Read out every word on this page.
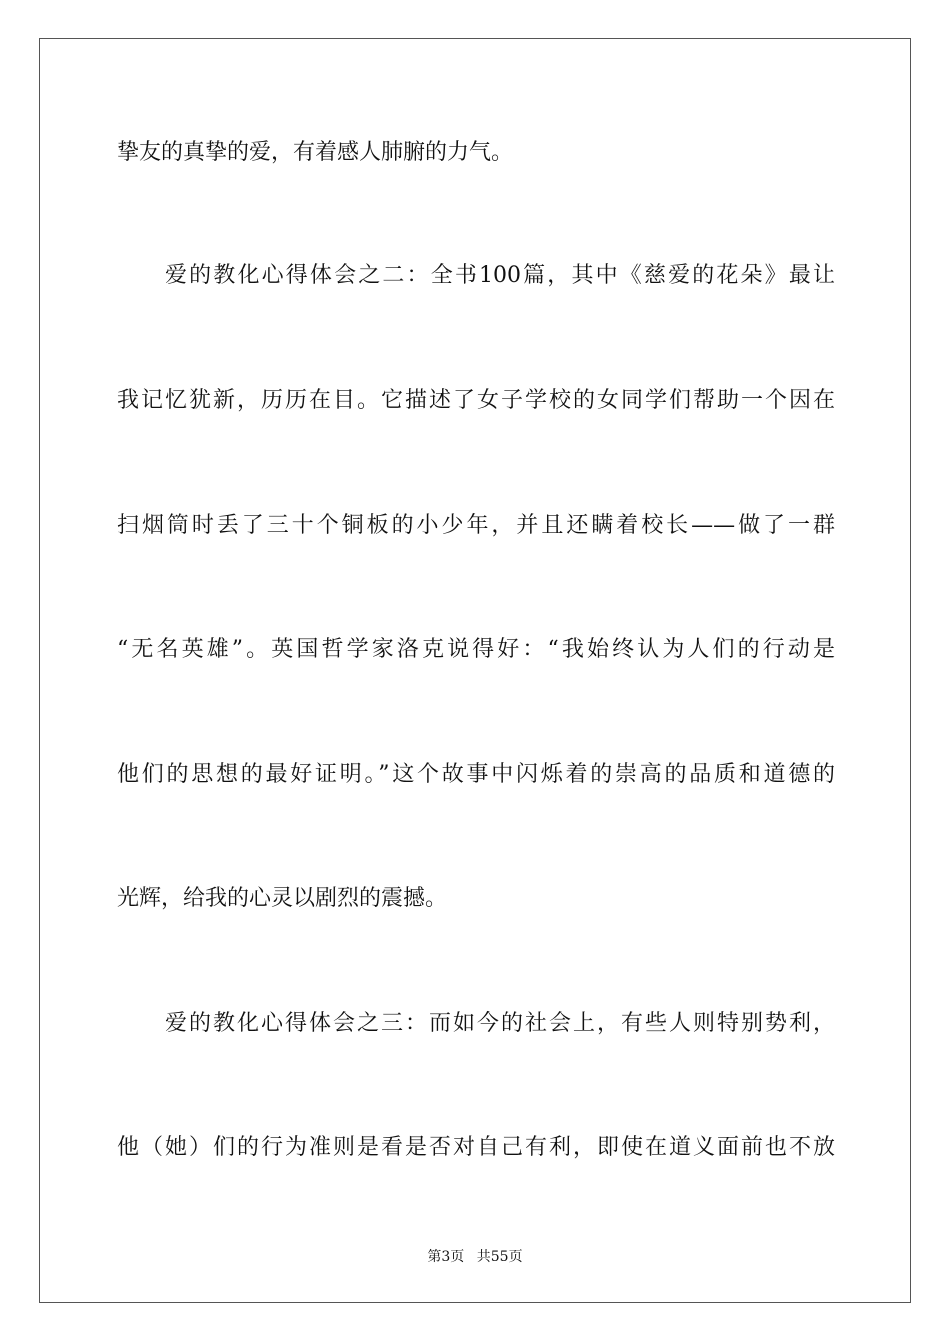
挚友的真挚的爱，有着感人肺腑的力气。
爱的教化心得体会之二：全书100篇，其中《慈爱的花朵》最让
我记忆犹新，历历在目。它描述了女子学校的女同学们帮助一个因在
扫烟筒时丢了三十个铜板的小少年，并且还瞒着校长——做了一群
“无名英雄”。英国哲学家洛克说得好：“我始终认为人们的行动是
他们的思想的最好证明。”这个故事中闪烁着的崇高的品质和道德的
光辉，给我的心灵以剧烈的震撼。
爱的教化心得体会之三：而如今的社会上，有些人则特别势利，
他（她）们的行为准则是看是否对自己有利，即使在道义面前也不放
第3页 共55页
